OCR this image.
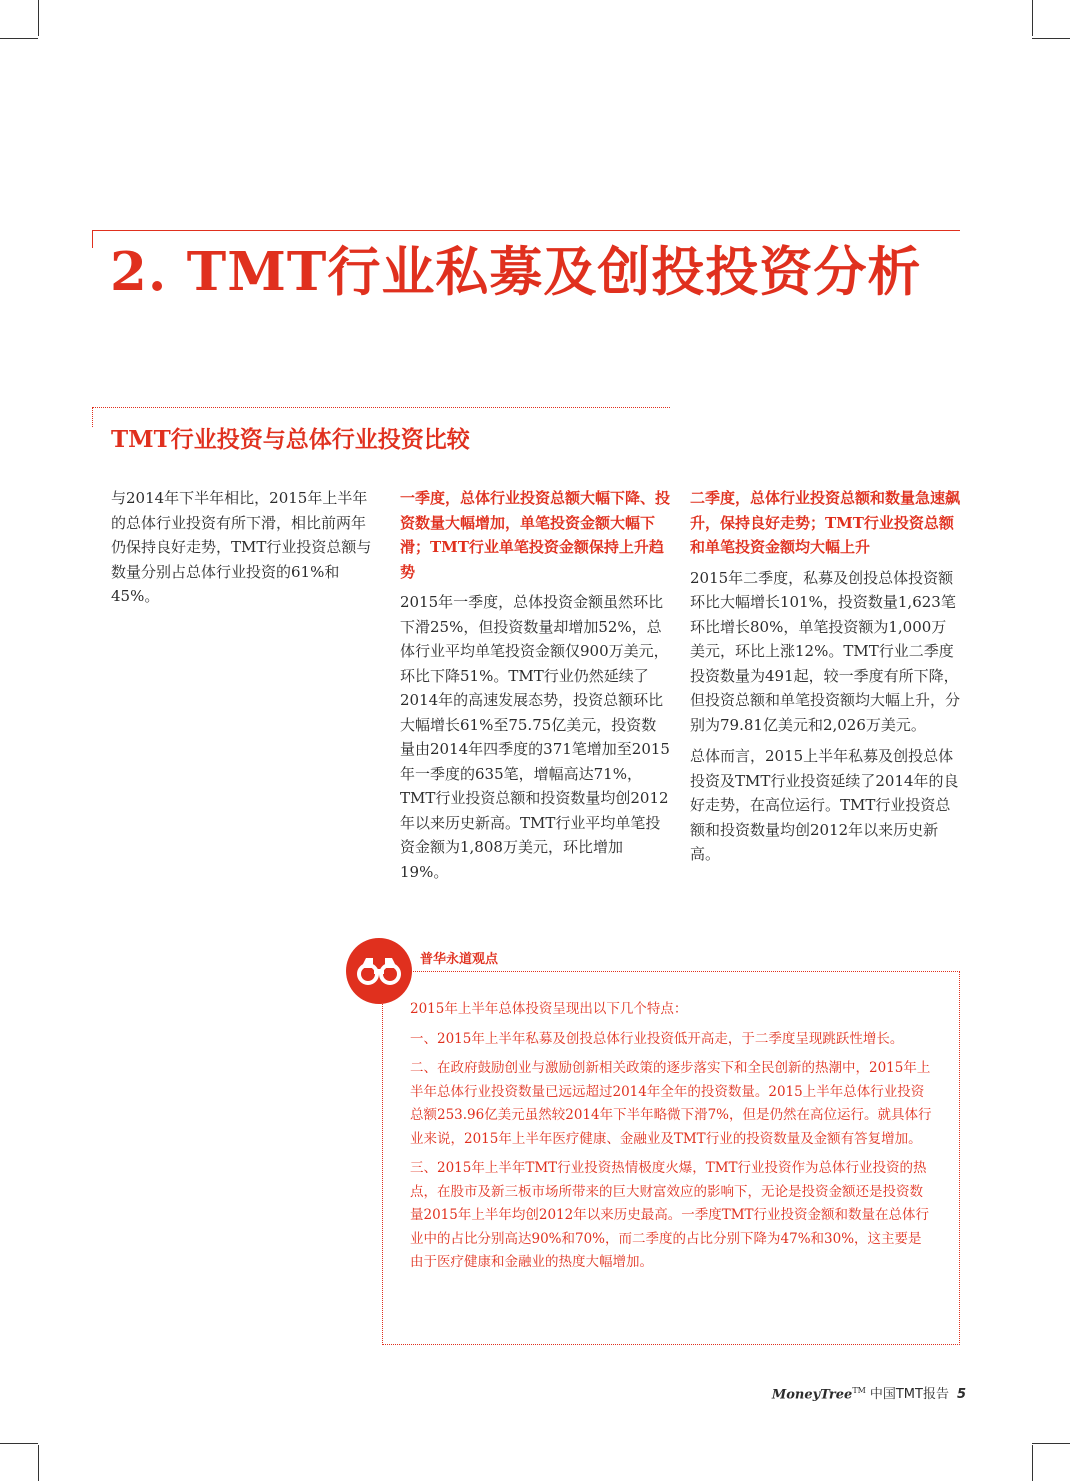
2. TMT行业私募及创投投资分析
TMT行业投资与总体行业投资比较

与2014年下半年相比，2015年上半年的总体行业投资有所下滑，相比前两年仍保持良好走势，TMT行业投资总额与数量分别占总体行业投资的61%和45%。

一季度，总体行业投资总额大幅下降、投资数量大幅增加，单笔投资金额大幅下滑；TMT行业单笔投资金额保持上升趋势

2015年一季度，总体投资金额虽然环比下滑25%，但投资数量却增加52%，总体行业平均单笔投资金额仅900万美元，环比下降51%。TMT行业仍然延续了2014年的高速发展态势，投资总额环比大幅增长61%至75.75亿美元，投资数量由2014年四季度的371笔增加至2015年一季度的635笔，增幅高达71%，TMT行业投资总额和投资数量均创2012年以来历史新高。TMT行业平均单笔投资金额为1,808万美元，环比增加19%。

二季度，总体行业投资总额和数量急速飙升，保持良好走势；TMT行业投资总额和单笔投资金额均大幅上升

2015年二季度，私募及创投总体投资额环比大幅增长101%，投资数量1,623笔环比增长80%，单笔投资额为1,000万美元，环比上涨12%。TMT行业二季度投资数量为491起，较一季度有所下降，但投资总额和单笔投资额均大幅上升，分别为79.81亿美元和2,026万美元。

总体而言，2015上半年私募及创投总体投资及TMT行业投资延续了2014年的良好走势，在高位运行。TMT行业投资总额和投资数量均创2012年以来历史新高。

普华永道观点

2015年上半年总体投资呈现出以下几个特点：

一、2015年上半年私募及创投总体行业投资低开高走，于二季度呈现跳跃性增长。

二、在政府鼓励创业与激励创新相关政策的逐步落实下和全民创新的热潮中，2015年上半年总体行业投资数量已远远超过2014年全年的投资数量。2015上半年总体行业投资总额253.96亿美元虽然较2014年下半年略微下滑7%，但是仍然在高位运行。就具体行业来说，2015年上半年医疗健康、金融业及TMT行业的投资数量及金额有答复增加。

三、2015年上半年TMT行业投资热情极度火爆，TMT行业投资作为总体行业投资的热点，在股市及新三板市场所带来的巨大财富效应的影响下，无论是投资金额还是投资数量2015年上半年均创2012年以来历史最高。一季度TMT行业投资金额和数量在总体行业中的占比分别高达90%和70%，而二季度的占比分别下降为47%和30%，这主要是由于医疗健康和金融业的热度大幅增加。

MoneyTree™ 中国TMT报告 5
